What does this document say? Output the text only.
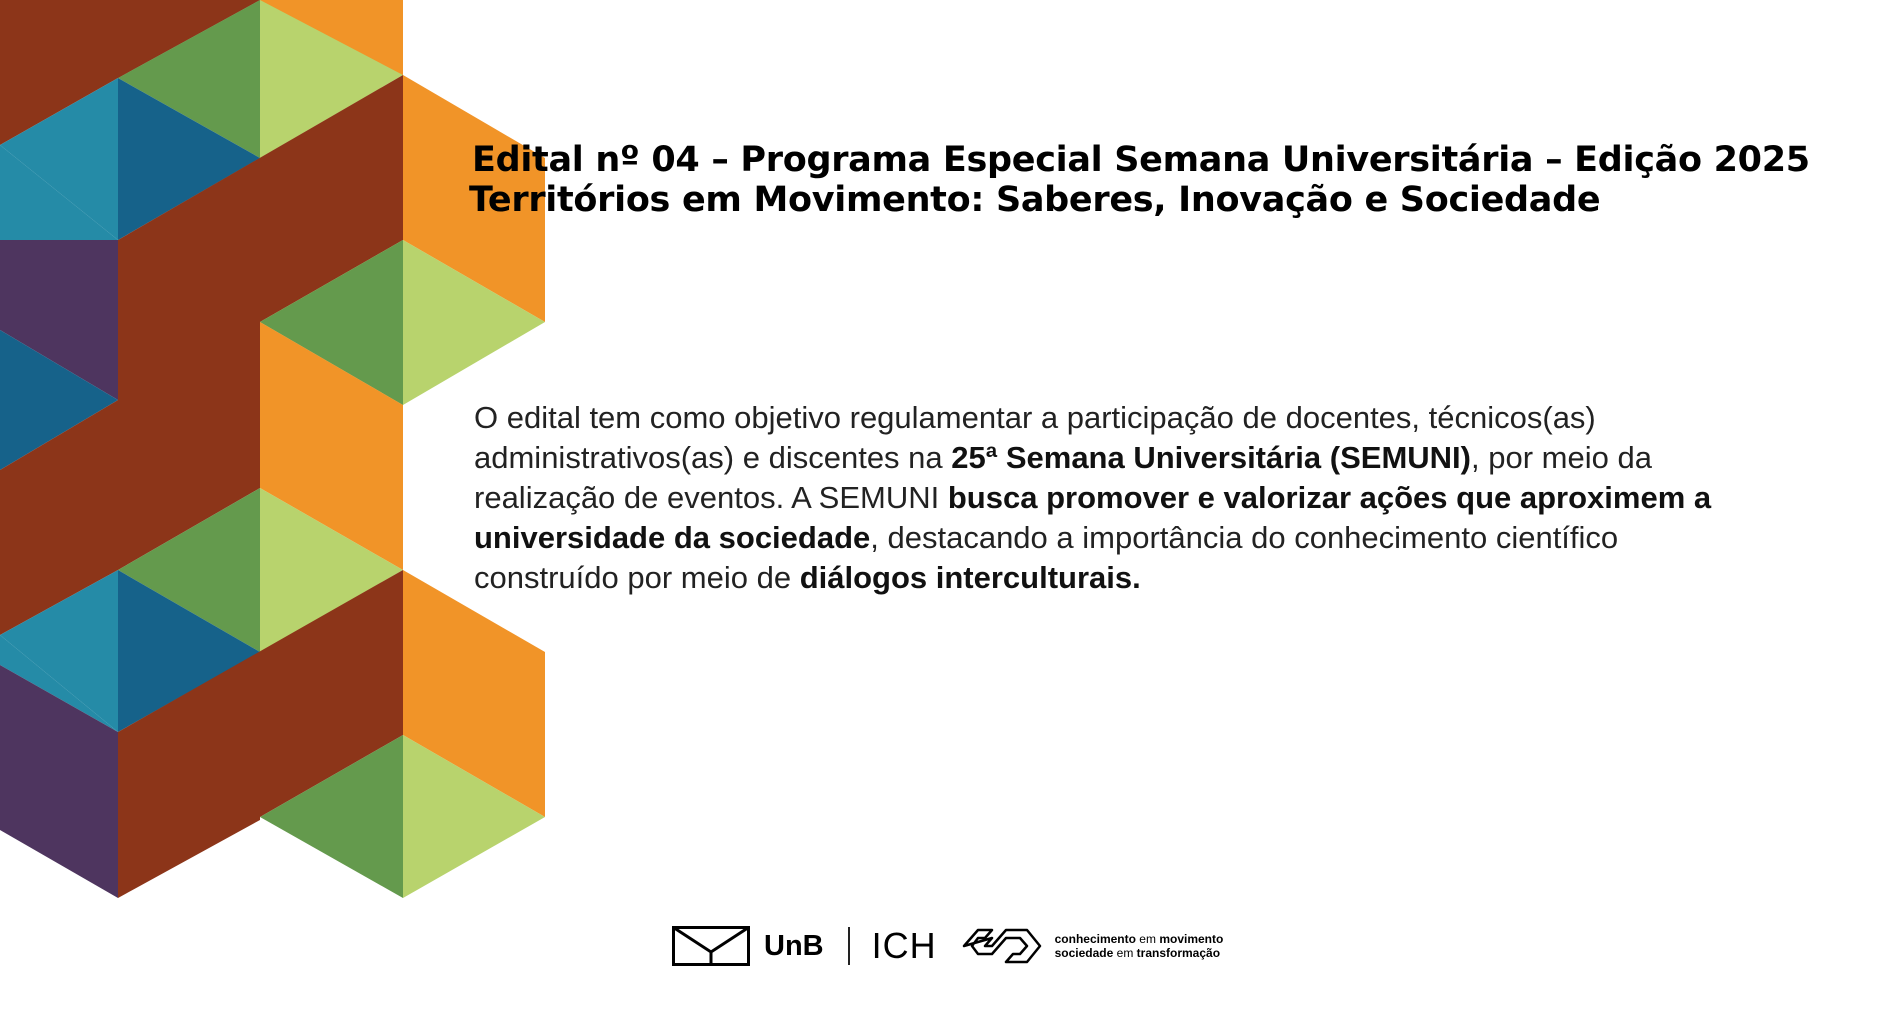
Edital nº 04 – Programa Especial Semana Universitária – Edição 2025
Territórios em Movimento: Saberes, Inovação e Sociedade
O edital tem como objetivo regulamentar a participação de docentes, técnicos(as) administrativos(as) e discentes na 25ª Semana Universitária (SEMUNI), por meio da realização de eventos. A SEMUNI busca promover e valorizar ações que aproximem a universidade da sociedade, destacando a importância do conhecimento científico construído por meio de diálogos interculturais.
UnB ICH	conhecimento em movimento
sociedade em transformação
